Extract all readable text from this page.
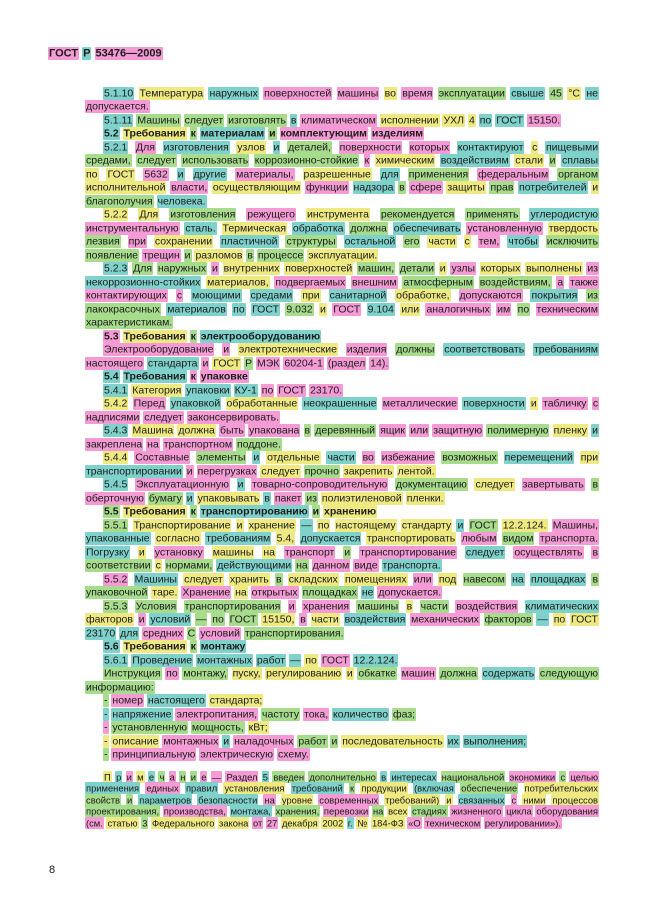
ГОСТ Р 53476—2009
5.1.10 Температура наружных поверхностей машины во время эксплуатации свыше 45 °С не допускается.
5.1.11 Машины следует изготовлять в климатическом исполнении УХЛ 4 по ГОСТ 15150.
5.2 Требования к материалам и комплектующим изделиям
5.2.1 Для изготовления узлов и деталей, поверхности которых контактируют с пищевыми средами, следует использовать коррозионно-стойкие к химическим воздействиям стали и сплавы по ГОСТ 5632 и другие материалы, разрешенные для применения федеральным органом исполнительной власти, осуществляющим функции надзора в сфере защиты прав потребителей и благополучия человека.
5.2.2 Для изготовления режущего инструмента рекомендуется применять углеродистую инструментальную сталь. Термическая обработка должна обеспечивать установленную твердость лезвия при сохранении пластичной структуры остальной его части с тем, чтобы исключить появление трещин и разломов в процессе эксплуатации.
5.2.3 Для наружных и внутренних поверхностей машин, детали и узлы которых выполнены из некоррозионно-стойких материалов, подвергаемых внешним атмосферным воздействиям, а также контактирующих с моющими средами при санитарной обработке, допускаются покрытия из лакокрасочных материалов по ГОСТ 9.032 и ГОСТ 9.104 или аналогичных им по техническим характеристикам.
5.3 Требования к электрооборудованию
Электрооборудование и электротехнические изделия должны соответствовать требованиям настоящего стандарта и ГОСТ Р МЭК 60204-1 (раздел 14).
5.4 Требования к упаковке
5.4.1 Категория упаковки КУ-1 по ГОСТ 23170.
5.4.2 Перед упаковкой обработанные неокрашенные металлические поверхности и табличку с надписями следует законсервировать.
5.4.3 Машина должна быть упакована в деревянный ящик или защитную полимерную пленку и закреплена на транспортном поддоне.
5.4.4 Составные элементы и отдельные части во избежание возможных перемещений при транспортировании и перегрузках следует прочно закрепить лентой.
5.4.5 Эксплуатационную и товарно-сопроводительную документацию следует завертывать в оберточную бумагу и упаковывать в пакет из полиэтиленовой пленки.
5.5 Требования к транспортированию и хранению
5.5.1 Транспортирование и хранение — по настоящему стандарту и ГОСТ 12.2.124. Машины, упакованные согласно требованиям 5.4, допускается транспортировать любым видом транспорта. Погрузку и установку машины на транспорт и транспортирование следует осуществлять в соответствии с нормами, действующими на данном виде транспорта.
5.5.2 Машины следует хранить в складских помещениях или под навесом на площадках в упаковочной таре. Хранение на открытых площадках не допускается.
5.5.3 Условия транспортирования и хранения машины в части воздействия климатических факторов и условий — по ГОСТ 15150, в части воздействия механических факторов — по ГОСТ 23170 для средних С условий транспортирования.
5.6 Требования к монтажу
5.6.1 Проведение монтажных работ — по ГОСТ 12.2.124.
Инструкция по монтажу, пуску, регулированию и обкатке машин должна содержать следующую информацию:
- номер настоящего стандарта;
- напряжение электропитания, частоту тока, количество фаз;
- установленную мощность, кВт;
- описание монтажных и наладочных работ и последовательность их выполнения;
- принципиальную электрическую схему.
П р и м е ч а н и е — Раздел 5 введен дополнительно в интересах национальной экономики с целью применения единых правил установления требований к продукции (включая обеспечение потребительских свойств и параметров безопасности на уровне современных требований) и связанных с ними процессов проектирования, производства, монтажа, хранения, перевозки на всех стадиях жизненного цикла оборудования (см. статью 3 Федерального закона от 27 декабря 2002 г. № 184-ФЗ «О техническом регулировании»).
8
